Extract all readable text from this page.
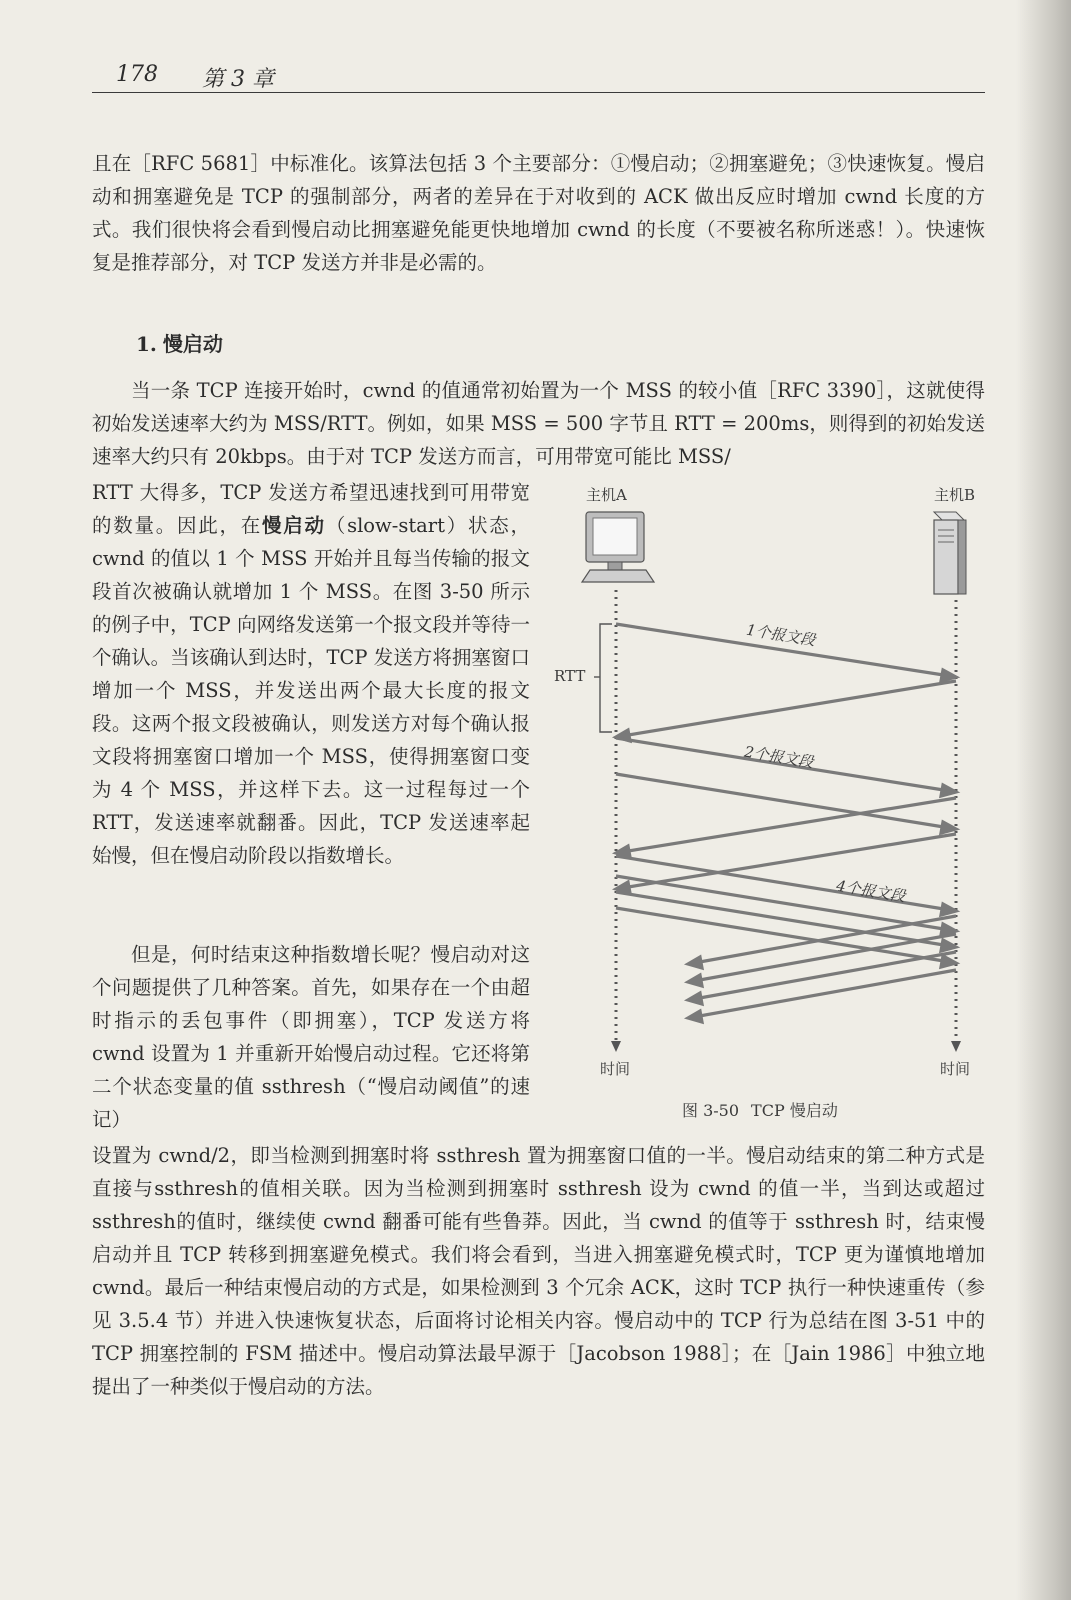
178 第 3 章

且在［RFC 5681］中标准化。该算法包括 3 个主要部分：①慢启动；②拥塞避免；③快速恢复。慢启动和拥塞避免是 TCP 的强制部分，两者的差异在于对收到的 ACK 做出反应时增加 cwnd 长度的方式。我们很快将会看到慢启动比拥塞避免能更快地增加 cwnd 的长度（不要被名称所迷惑！）。快速恢复是推荐部分，对 TCP 发送方并非是必需的。

1. 慢启动

当一条 TCP 连接开始时，cwnd 的值通常初始置为一个 MSS 的较小值［RFC 3390］，这就使得初始发送速率大约为 MSS/RTT。例如，如果 MSS = 500 字节且 RTT = 200ms，则得到的初始发送速率大约只有 20kbps。由于对 TCP 发送方而言，可用带宽可能比 MSS/

RTT 大得多，TCP 发送方希望迅速找到可用带宽的数量。因此，在慢启动（slow-start）状态，cwnd 的值以 1 个 MSS 开始并且每当传输的报文段首次被确认就增加 1 个 MSS。在图 3-50 所示的例子中，TCP 向网络发送第一个报文段并等待一个确认。当该确认到达时，TCP 发送方将拥塞窗口增加一个 MSS，并发送出两个最大长度的报文段。这两个报文段被确认，则发送方对每个确认报文段将拥塞窗口增加一个 MSS，使得拥塞窗口变为 4 个 MSS，并这样下去。这一过程每过一个 RTT，发送速率就翻番。因此，TCP 发送速率起始慢，但在慢启动阶段以指数增长。

但是，何时结束这种指数增长呢？慢启动对这个问题提供了几种答案。首先，如果存在一个由超时指示的丢包事件（即拥塞），TCP 发送方将 cwnd 设置为 1 并重新开始慢启动过程。它还将第二个状态变量的值 ssthresh（“慢启动阈值”的速记）

设置为 cwnd/2，即当检测到拥塞时将 ssthresh 置为拥塞窗口值的一半。慢启动结束的第二种方式是直接与ssthresh的值相关联。因为当检测到拥塞时 ssthresh 设为 cwnd 的值一半，当到达或超过ssthresh的值时，继续使 cwnd 翻番可能有些鲁莽。因此，当 cwnd 的值等于 ssthresh 时，结束慢启动并且 TCP 转移到拥塞避免模式。我们将会看到，当进入拥塞避免模式时，TCP 更为谨慎地增加 cwnd。最后一种结束慢启动的方式是，如果检测到 3 个冗余 ACK，这时 TCP 执行一种快速重传（参见 3.5.4 节）并进入快速恢复状态，后面将讨论相关内容。慢启动中的 TCP 行为总结在图 3-51 中的 TCP 拥塞控制的 FSM 描述中。慢启动算法最早源于［Jacobson 1988］；在［Jain 1986］中独立地提出了一种类似于慢启动的方法。

主机A	主机B
RTT
1个报文段
2个报文段
4个报文段
时间	时间
图 3-50 TCP 慢启动
